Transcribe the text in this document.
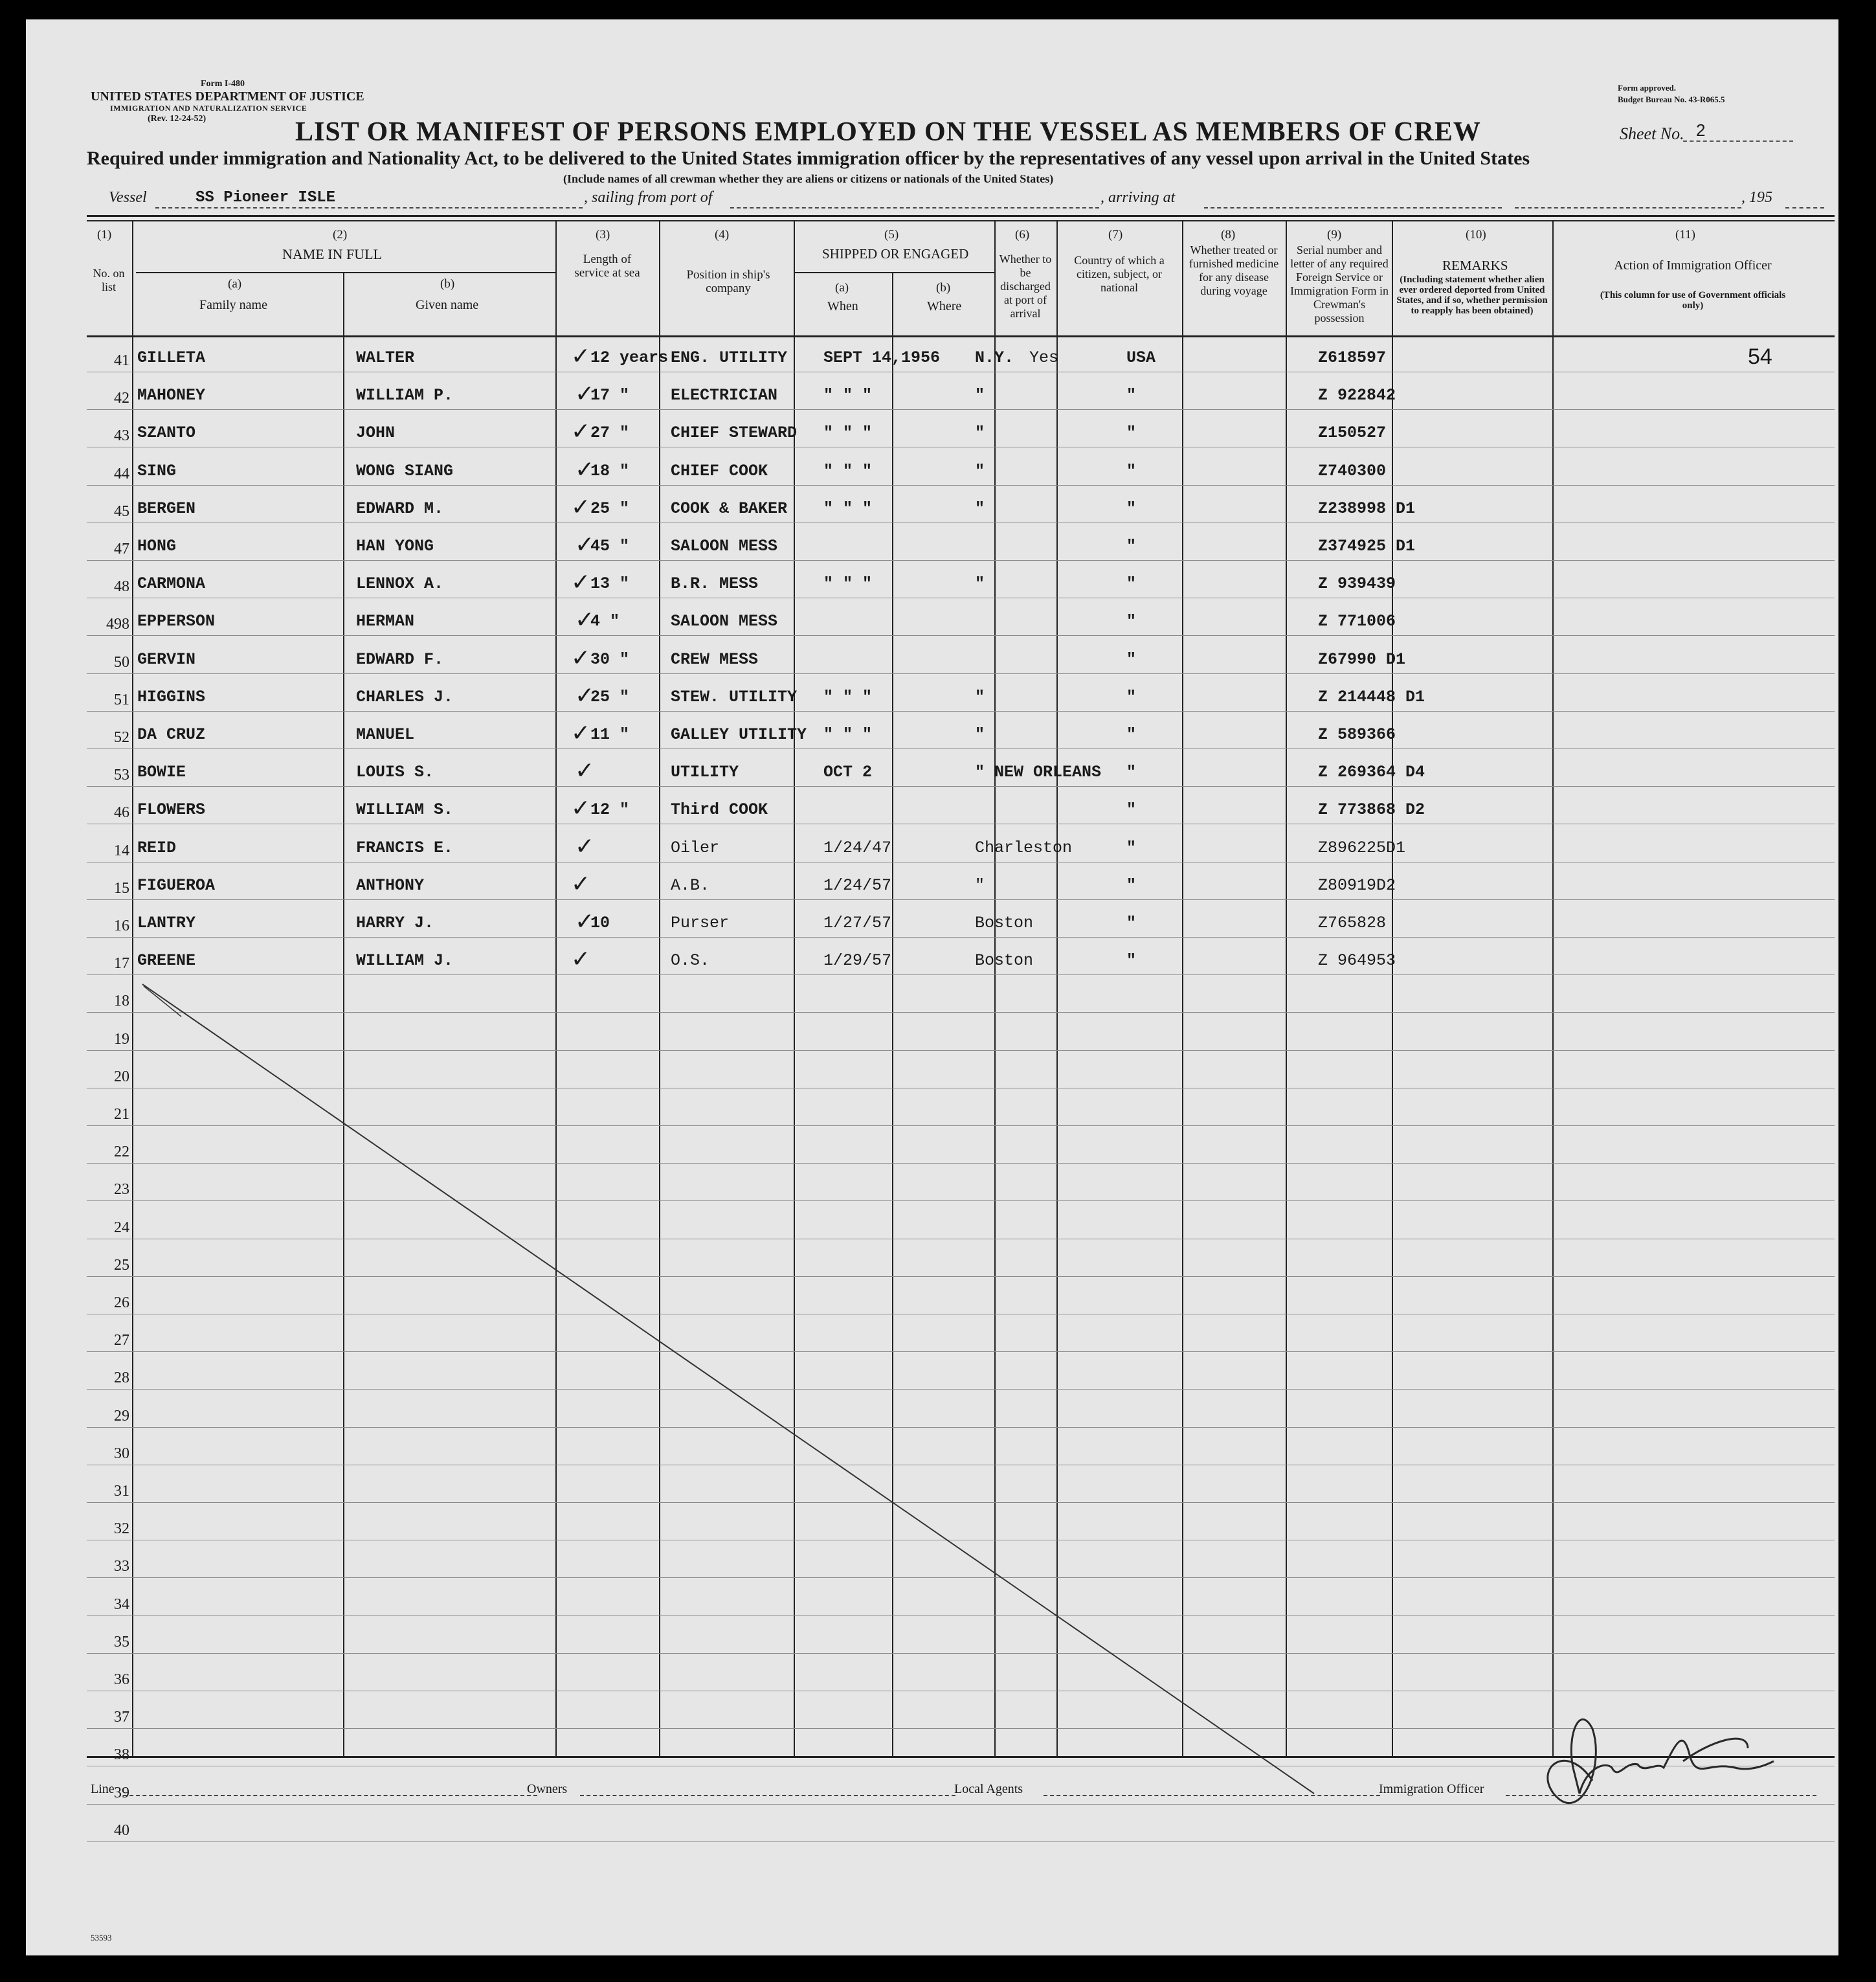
Form I-480
UNITED STATES DEPARTMENT OF JUSTICE
IMMIGRATION AND NATURALIZATION SERVICE
(Rev. 12-24-52)
Form approved.
Budget Bureau No. 43-R065.5
LIST OR MANIFEST OF PERSONS EMPLOYED ON THE VESSEL AS MEMBERS OF CREW	Sheet No. 2
Required under immigration and Nationality Act, to be delivered to the United States immigration officer by the representatives of any vessel upon arrival in the United States
(Include names of all crewman whether they are aliens or citizens or nationals of the United States)
Vessel	SS Pioneer ISLE	, sailing from port of	, arriving at	, 195
(1)
No. on list
(2)
NAME IN FULL
(a)
Family name
(b)
Given name
(3)
Length of service at sea
(4)
Position in ship's company
(5)
SHIPPED OR ENGAGED
(a)
When
(b)
Where
(6)
Whether to be discharged at port of arrival
(7)
Country of which a citizen, subject, or national
(8)
Whether treated or furnished medicine for any disease during voyage
(9)
Serial number and letter of any required Foreign Service or Immigration Form in Crewman's possession
(10)
REMARKS
(Including statement whether alien ever ordered deported from United States, and if so, whether permission to reapply has been obtained)
(11)
Action of Immigration Officer
(This column for use of Government officials only)
41 GILLETA	WALTER	12 years ENG. UTILITY SEPT 14,1956 N.Y. Yes	USA	Z618597	54
✓
42 MAHONEY	WILLIAM P.	17 "	ELECTRICIAN	" " "	"	"	Z 922842
✓
43 SZANTO	JOHN	27 "	CHIEF STEWARD " " "	"	"	Z150527
✓
44 SING	WONG SIANG	18 "	CHIEF COOK	" " "	"	"	Z740300
✓
45 BERGEN	EDWARD M.	25 "	COOK & BAKER " " "	"	"	Z238998 D1
✓
47 HONG	HAN YONG	45 "	SALOON MESS	"	Z374925 D1
✓
48 CARMONA	LENNOX A.	13 "	B.R. MESS	" " "	"	"	Z 939439
✓
498 EPPERSON	HERMAN	4 "	SALOON MESS	"	Z 771006
✓
50 GERVIN	EDWARD F.	30 "	CREW MESS	"	Z67990 D1
✓
51 HIGGINS	CHARLES J.	25 "	STEW. UTILITY " " "	"	"	Z 214448 D1
✓
52 DA CRUZ	MANUEL	11 "	GALLEY UTILITY " " "	"	"	Z 589366
✓
53 BOWIE	LOUIS S.	UTILITY	OCT 2	" NEW ORLEANS "	Z 269364 D4
✓
46 FLOWERS	WILLIAM S.	12 "	Third COOK	"	Z 773868 D2
✓
14 REID	FRANCIS E.	Oiler	1/24/47	Charleston	"	Z896225D1
✓
15 FIGUEROA	ANTHONY	A.B.	1/24/57	"	"	Z80919D2
✓
16 LANTRY	HARRY J.	10	Purser	1/27/57	Boston	"	Z765828
✓
17 GREENE	WILLIAM J.	O.S.	1/29/57	Boston	"	Z 964953
✓
18
19
20
21
22
23
24
25
26
27
28
29
30
31
32
33
34
35
36
37
38
39
40
Line	Owners	Local Agents	Immigration Officer
53593
